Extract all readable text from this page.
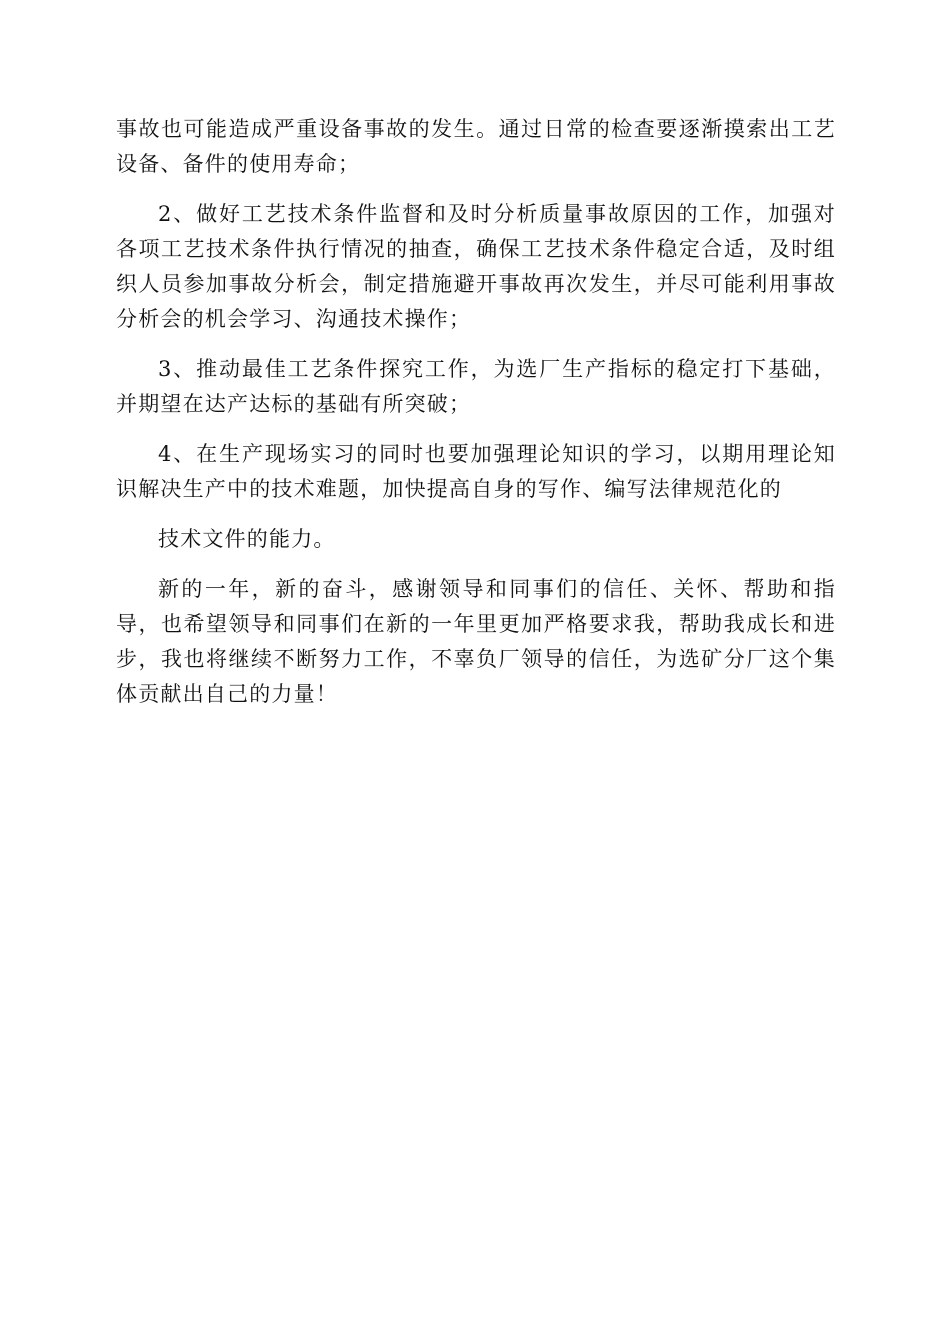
事故也可能造成严重设备事故的发生。通过日常的检查要逐渐摸索出工艺设备、备件的使用寿命；

2、做好工艺技术条件监督和及时分析质量事故原因的工作，加强对各项工艺技术条件执行情况的抽查，确保工艺技术条件稳定合适，及时组织人员参加事故分析会，制定措施避开事故再次发生，并尽可能利用事故分析会的机会学习、沟通技术操作；

3、推动最佳工艺条件探究工作，为选厂生产指标的稳定打下基础，并期望在达产达标的基础有所突破；

4、在生产现场实习的同时也要加强理论知识的学习，以期用理论知识解决生产中的技术难题，加快提高自身的写作、编写法律规范化的

技术文件的能力。

新的一年，新的奋斗，感谢领导和同事们的信任、关怀、帮助和指导，也希望领导和同事们在新的一年里更加严格要求我，帮助我成长和进步，我也将继续不断努力工作，不辜负厂领导的信任，为选矿分厂这个集体贡献出自己的力量！
